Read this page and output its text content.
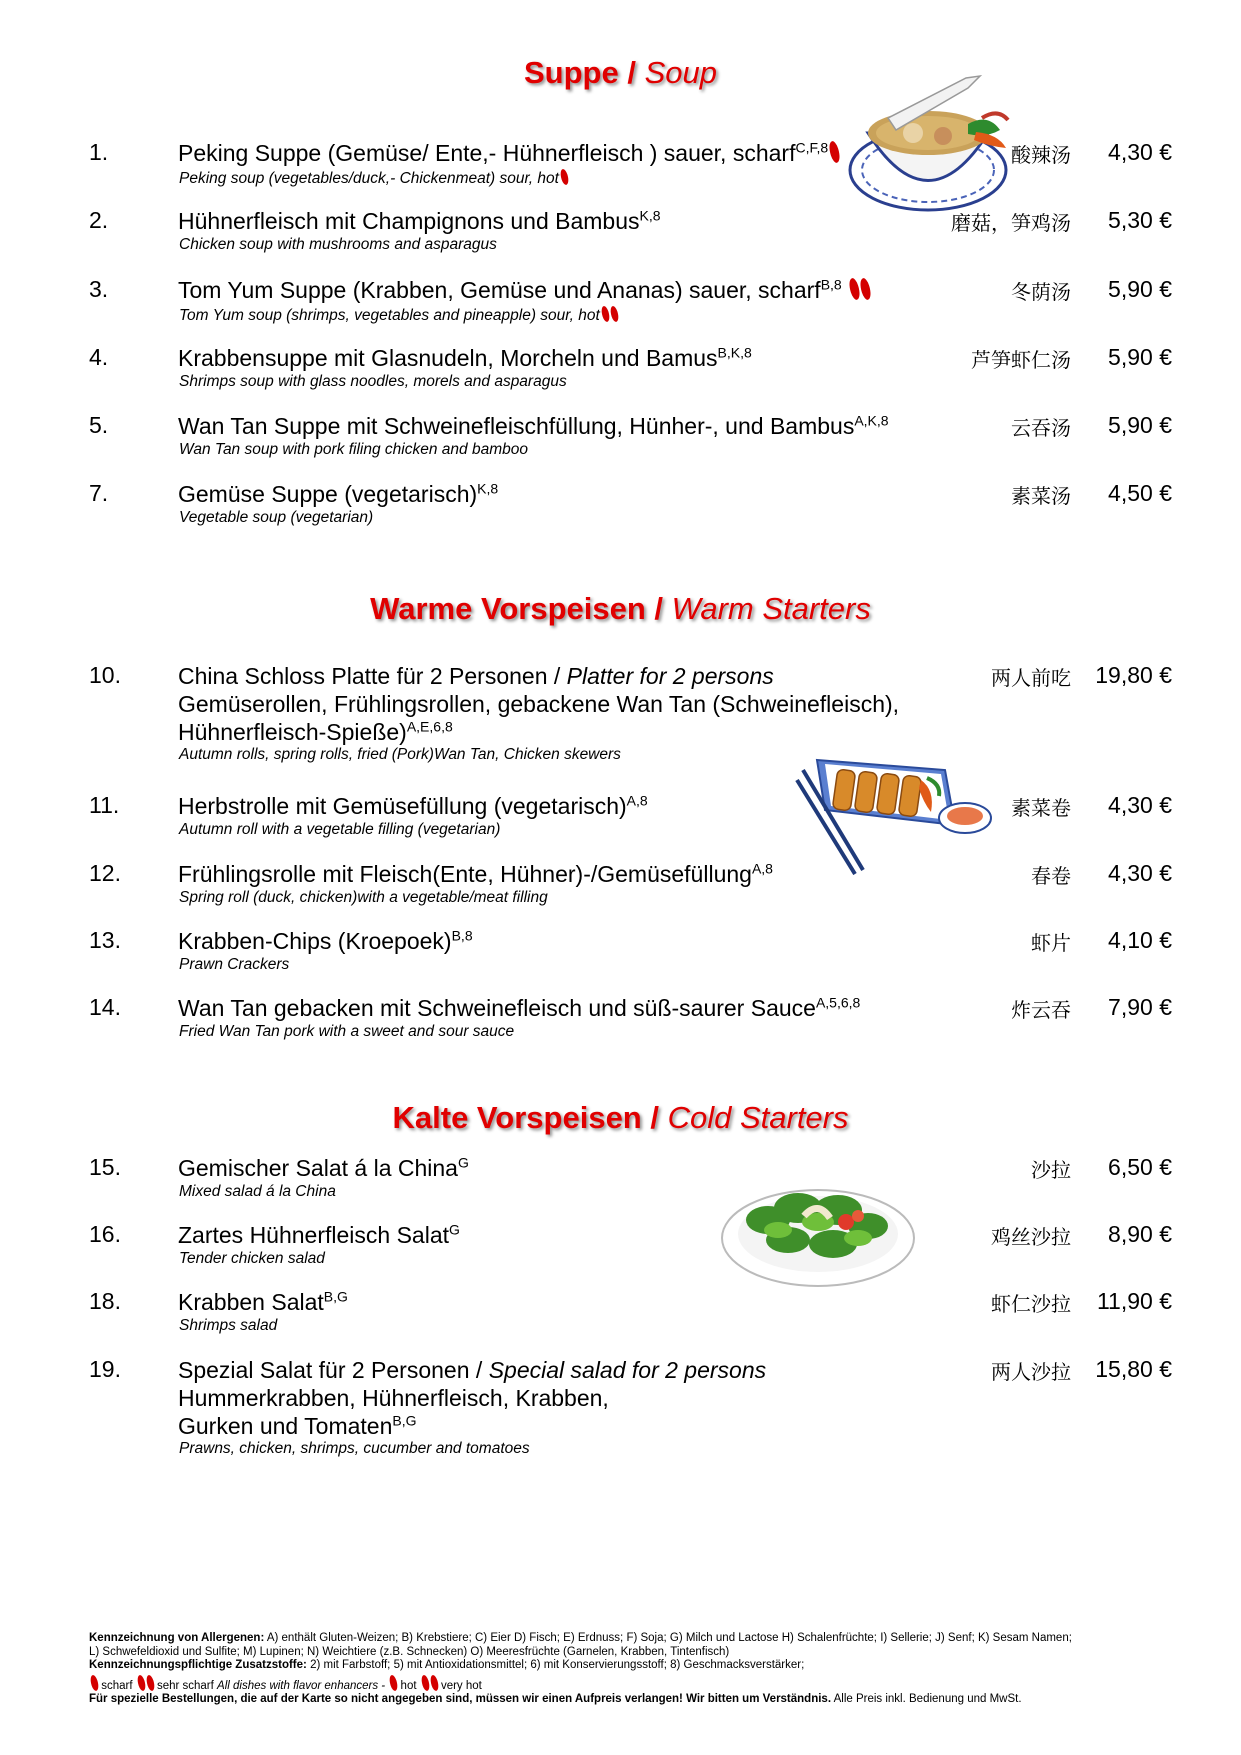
Suppe / Soup
1.	Peking Suppe (Gemüse/ Ente,- Hühnerfleisch ) sauer, scharf$^{C,F,8}$
Peking soup (vegetables/duck,- Chickenmeat) sour, hot
酸辣汤 4,30 €
2.	Hühnerfleisch mit Champignons und Bambus$^{K,8}$
Chicken soup with mushrooms and asparagus
磨菇，笋鸡汤 5,30 €
3.	Tom Yum Suppe (Krabben, Gemüse und Ananas) sauer, scharf$^{B,8}$
Tom Yum soup (shrimps, vegetables and pineapple) sour, hot
冬荫汤 5,90 €
4.	Krabbensuppe mit Glasnudeln, Morcheln und Bamus$^{B,K,8}$
Shrimps soup with glass noodles, morels and asparagus
芦笋虾仁汤 5,90 €
5.	Wan Tan Suppe mit Schweinefleischfüllung, Hünher-, und Bambus$^{A,K,8}$
Wan Tan soup with pork filing chicken and bamboo
云吞汤 5,90 €
7.	Gemüse Suppe (vegetarisch)$^{K,8}$
Vegetable soup (vegetarian)
素菜汤 4,50 €
Warme Vorspeisen / Warm Starters
10. China Schloss Platte für 2 Personen / Platter for 2 persons
Gemüserollen, Frühlingsrollen, gebackene Wan Tan (Schweinefleisch),
Hühnerfleisch-Spieße)$^{A,E,6,8}$
Autumn rolls, spring rolls, fried (Pork)Wan Tan, Chicken skewers
两人前吃 19,80 €
11.	Herbstrolle mit Gemüsefüllung (vegetarisch)$^{A,8}$
Autumn roll with a vegetable filling (vegetarian)
素菜卷 4,30 €
12. Frühlingsrolle mit Fleisch(Ente, Hühner)-/Gemüsefüllung$^{A,8}$
Spring roll (duck, chicken)with a vegetable/meat filling
春卷 4,30 €
13. Krabben-Chips (Kroepoek)$^{B,8}$
Prawn Crackers
虾片 4,10 €
14. Wan Tan gebacken mit Schweinefleisch und süß-saurer Sauce$^{A,5,6,8}$
Fried Wan Tan pork with a sweet and sour sauce
炸云吞 7,90 €
Kalte Vorspeisen / Cold Starters
15. Gemischer Salat á la China$^G$
Mixed salad á la China
沙拉 6,50 €
16. Zartes Hühnerfleisch Salat$^G$
Tender chicken salad
鸡丝沙拉 8,90 €
18. Krabben Salat$^{B,G}$
Shrimps salad
虾仁沙拉 11,90 €
19. Spezial Salat für 2 Personen / Special salad for 2 persons
Hummerkrabben, Hühnerfleisch, Krabben,
Gurken und Tomaten$^{B,G}$
Prawns, chicken, shrimps, cucumber and tomatoes
两人沙拉 15,80 €
Kennzeichnung von Allergenen: A) enthält Gluten-Weizen; B) Krebstiere; C) Eier D) Fisch; E) Erdnuss; F) Soja; G) Milch und Lactose H) Schalenfrüchte; I) Sellerie; J) Senf; K) Sesam Namen;
L) Schwefeldioxid und Sulfite; M) Lupinen; N) Weichtiere (z.B. Schnecken) O) Meeresfrüchte (Garnelen, Krabben, Tintenfisch)
Kennzeichnungspflichtige Zusatzstoffe: 2) mit Farbstoff; 5) mit Antioxidationsmittel; 6) mit Konservierungsstoff; 8) Geschmacksverstärker;
scharf sehr scharf All dishes with flavor enhancers - hot very hot
Für spezielle Bestellungen, die auf der Karte so nicht angegeben sind, müssen wir einen Aufpreis verlangen! Wir bitten um Verständnis. Alle Preis inkl. Bedienung und MwSt.
